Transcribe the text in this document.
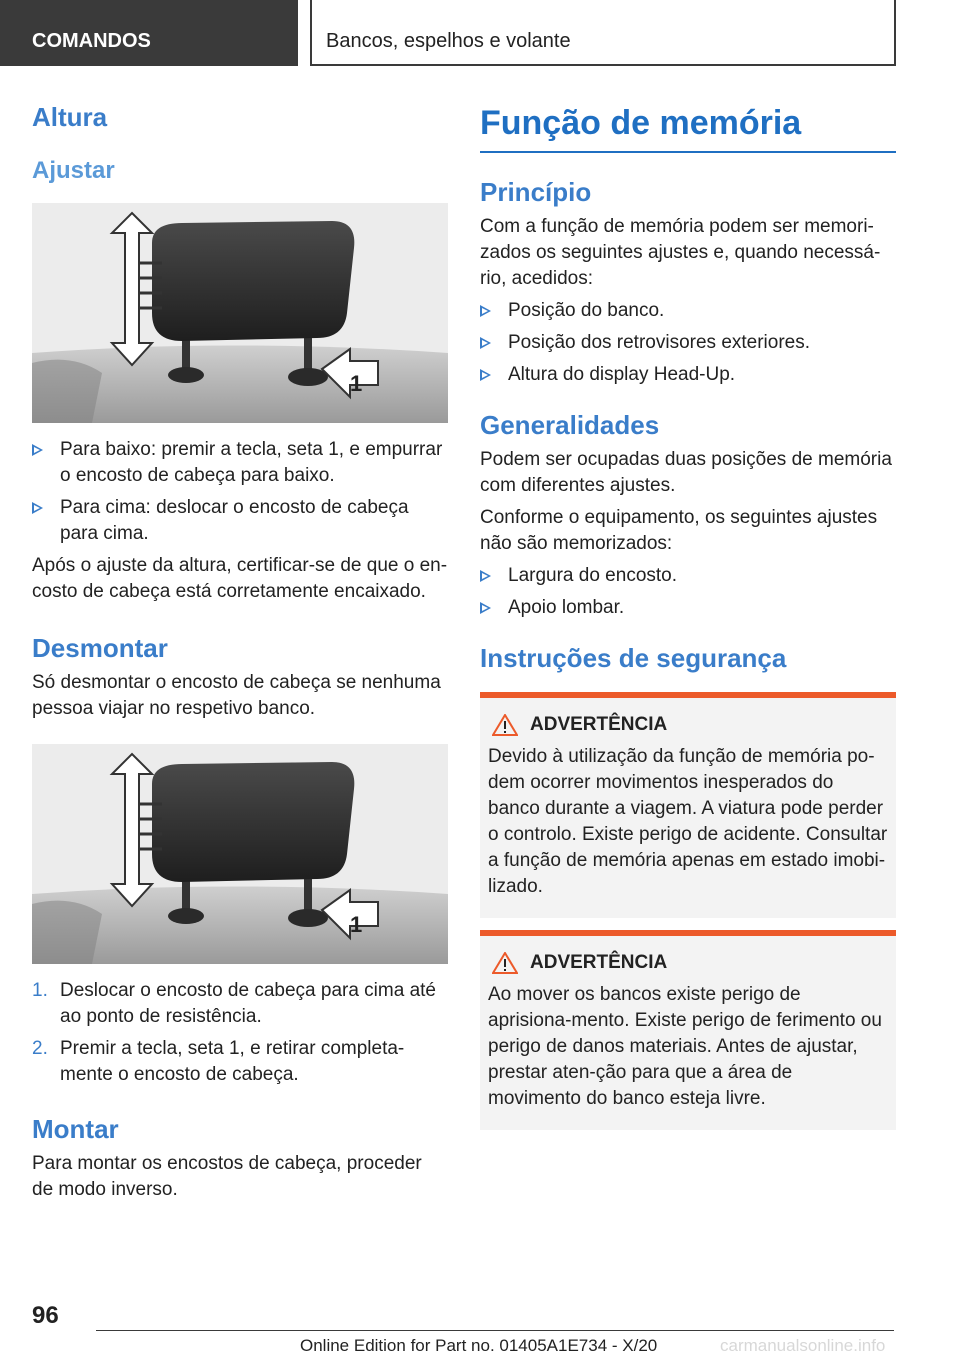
COMANDOS	Bancos, espelhos e volante
Altura
Ajustar
1
Para baixo: premir a tecla, seta 1, e empurrar o encosto de cabeça para baixo.
Para cima: deslocar o encosto de cabeça para cima.

Após o ajuste da altura, certificar-se de que o en-costo de cabeça está corretamente encaixado.

Desmontar

Só desmontar o encosto de cabeça se nenhuma pessoa viajar no respetivo banco.

1
1. Deslocar o encosto de cabeça para cima até ao ponto de resistência.
2. Premir a tecla, seta 1, e retirar completa-mente o encosto de cabeça.
Montar

Para montar os encostos de cabeça, proceder de modo inverso.

Função de memória
Princípio

Com a função de memória podem ser memori-zados os seguintes ajustes e, quando necessá-rio, acedidos:

Posição do banco.
Posição dos retrovisores exteriores.
Altura do display Head-Up.
Generalidades

Podem ser ocupadas duas posições de memória com diferentes ajustes.

Conforme o equipamento, os seguintes ajustes não são memorizados:

Largura do encosto.
Apoio lombar.
Instruções de segurança
ADVERTÊNCIA

Devido à utilização da função de memória po-dem ocorrer movimentos inesperados do banco durante a viagem. A viatura pode perder o controlo. Existe perigo de acidente. Consultar a função de memória apenas em estado imobi-lizado.

ADVERTÊNCIA

Ao mover os bancos existe perigo de aprisiona-mento. Existe perigo de ferimento ou perigo de danos materiais. Antes de ajustar, prestar aten-ção para que a área de movimento do banco esteja livre.

96
Online Edition for Part no. 01405A1E734 - X/20	carmanualsonline.info
